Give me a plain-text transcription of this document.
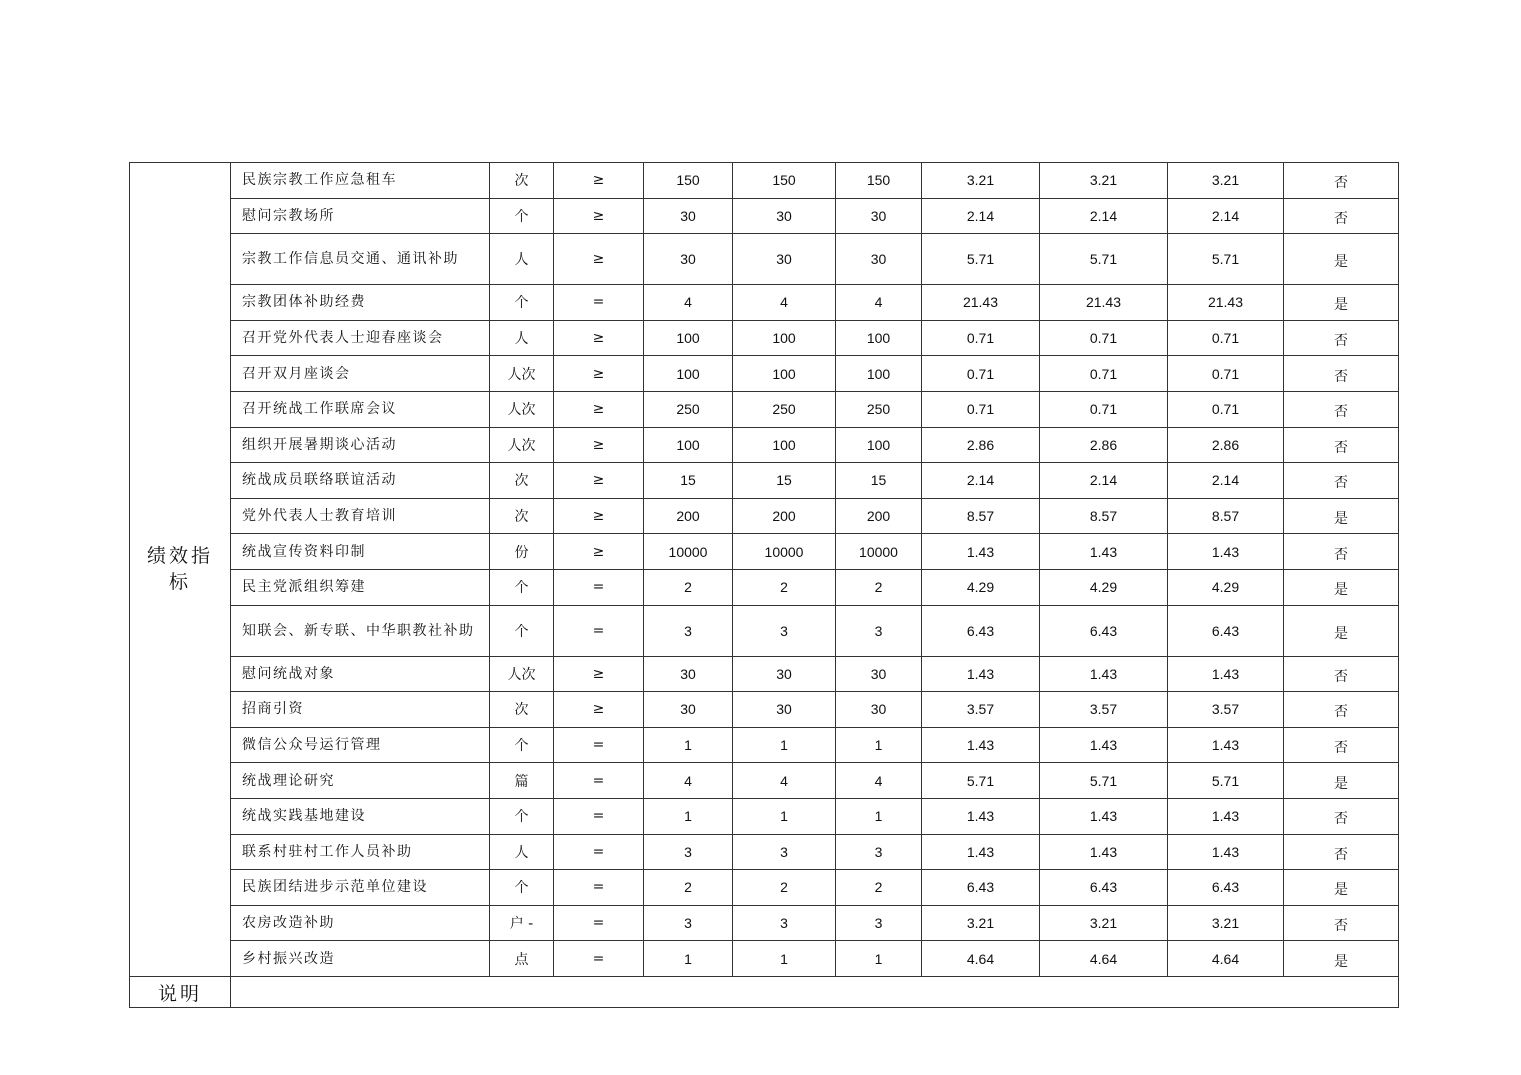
绩效指标	民族宗教工作应急租车	次	≥	150	150	150	3.21	3.21	3.21	否
	慰问宗教场所	个	≥	30	30	30	2.14	2.14	2.14	否
	宗教工作信息员交通、通讯补助	人	≥	30	30	30	5.71	5.71	5.71	是
	宗教团体补助经费	个	=	4	4	4	21.43	21.43	21.43	是
	召开党外代表人士迎春座谈会	人	≥	100	100	100	0.71	0.71	0.71	否
	召开双月座谈会	人次	≥	100	100	100	0.71	0.71	0.71	否
	召开统战工作联席会议	人次	≥	250	250	250	0.71	0.71	0.71	否
	组织开展暑期谈心活动	人次	≥	100	100	100	2.86	2.86	2.86	否
	统战成员联络联谊活动	次	≥	15	15	15	2.14	2.14	2.14	否
	党外代表人士教育培训	次	≥	200	200	200	8.57	8.57	8.57	是
	统战宣传资料印制	份	≥	10000	10000	10000	1.43	1.43	1.43	否
	民主党派组织筹建	个	=	2	2	2	4.29	4.29	4.29	是
	知联会、新专联、中华职教社补助	个	=	3	3	3	6.43	6.43	6.43	是
	慰问统战对象	人次	≥	30	30	30	1.43	1.43	1.43	否
	招商引资	次	≥	30	30	30	3.57	3.57	3.57	否
	微信公众号运行管理	个	=	1	1	1	1.43	1.43	1.43	否
	统战理论研究	篇	=	4	4	4	5.71	5.71	5.71	是
	统战实践基地建设	个	=	1	1	1	1.43	1.43	1.43	否
	联系村驻村工作人员补助	人	=	3	3	3	1.43	1.43	1.43	否
	民族团结进步示范单位建设	个	=	2	2	2	6.43	6.43	6.43	是
	农房改造补助	户 -	=	3	3	3	3.21	3.21	3.21	否
	乡村振兴改造	点	=	1	1	1	4.64	4.64	4.64	是
说明										
